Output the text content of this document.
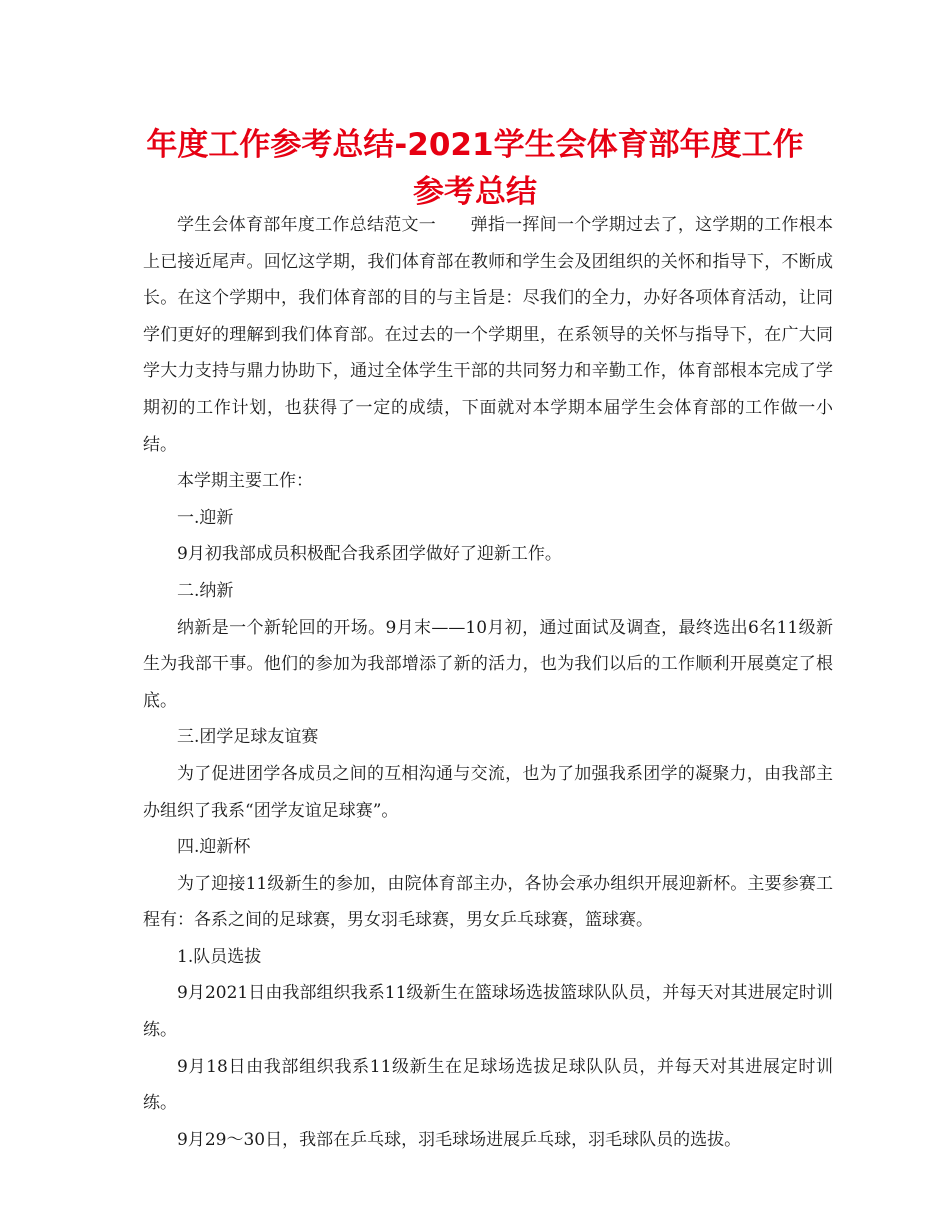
年度工作参考总结-2021学生会体育部年度工作
参考总结

学生会体育部年度工作总结范文一　　弹指一挥间一个学期过去了，这学期的工作根本上已接近尾声。回忆这学期，我们体育部在教师和学生会及团组织的关怀和指导下，不断成长。在这个学期中，我们体育部的目的与主旨是：尽我们的全力，办好各项体育活动，让同学们更好的理解到我们体育部。在过去的一个学期里，在系领导的关怀与指导下，在广大同学大力支持与鼎力协助下，通过全体学生干部的共同努力和辛勤工作，体育部根本完成了学期初的工作计划，也获得了一定的成绩，下面就对本学期本届学生会体育部的工作做一小结。

本学期主要工作：

一.迎新

9月初我部成员积极配合我系团学做好了迎新工作。

二.纳新

纳新是一个新轮回的开场。9月末——10月初，通过面试及调查，最终选出6名11级新生为我部干事。他们的参加为我部增添了新的活力，也为我们以后的工作顺利开展奠定了根底。

三.团学足球友谊赛

为了促进团学各成员之间的互相沟通与交流，也为了加强我系团学的凝聚力，由我部主办组织了我系“团学友谊足球赛”。

四.迎新杯

为了迎接11级新生的参加，由院体育部主办，各协会承办组织开展迎新杯。主要参赛工程有：各系之间的足球赛，男女羽毛球赛，男女乒乓球赛，篮球赛。

1.队员选拔

9月2021日由我部组织我系11级新生在篮球场选拔篮球队队员，并每天对其进展定时训练。

9月18日由我部组织我系11级新生在足球场选拔足球队队员，并每天对其进展定时训练。

9月29～30日，我部在乒乓球，羽毛球场进展乒乓球，羽毛球队员的选拔。
